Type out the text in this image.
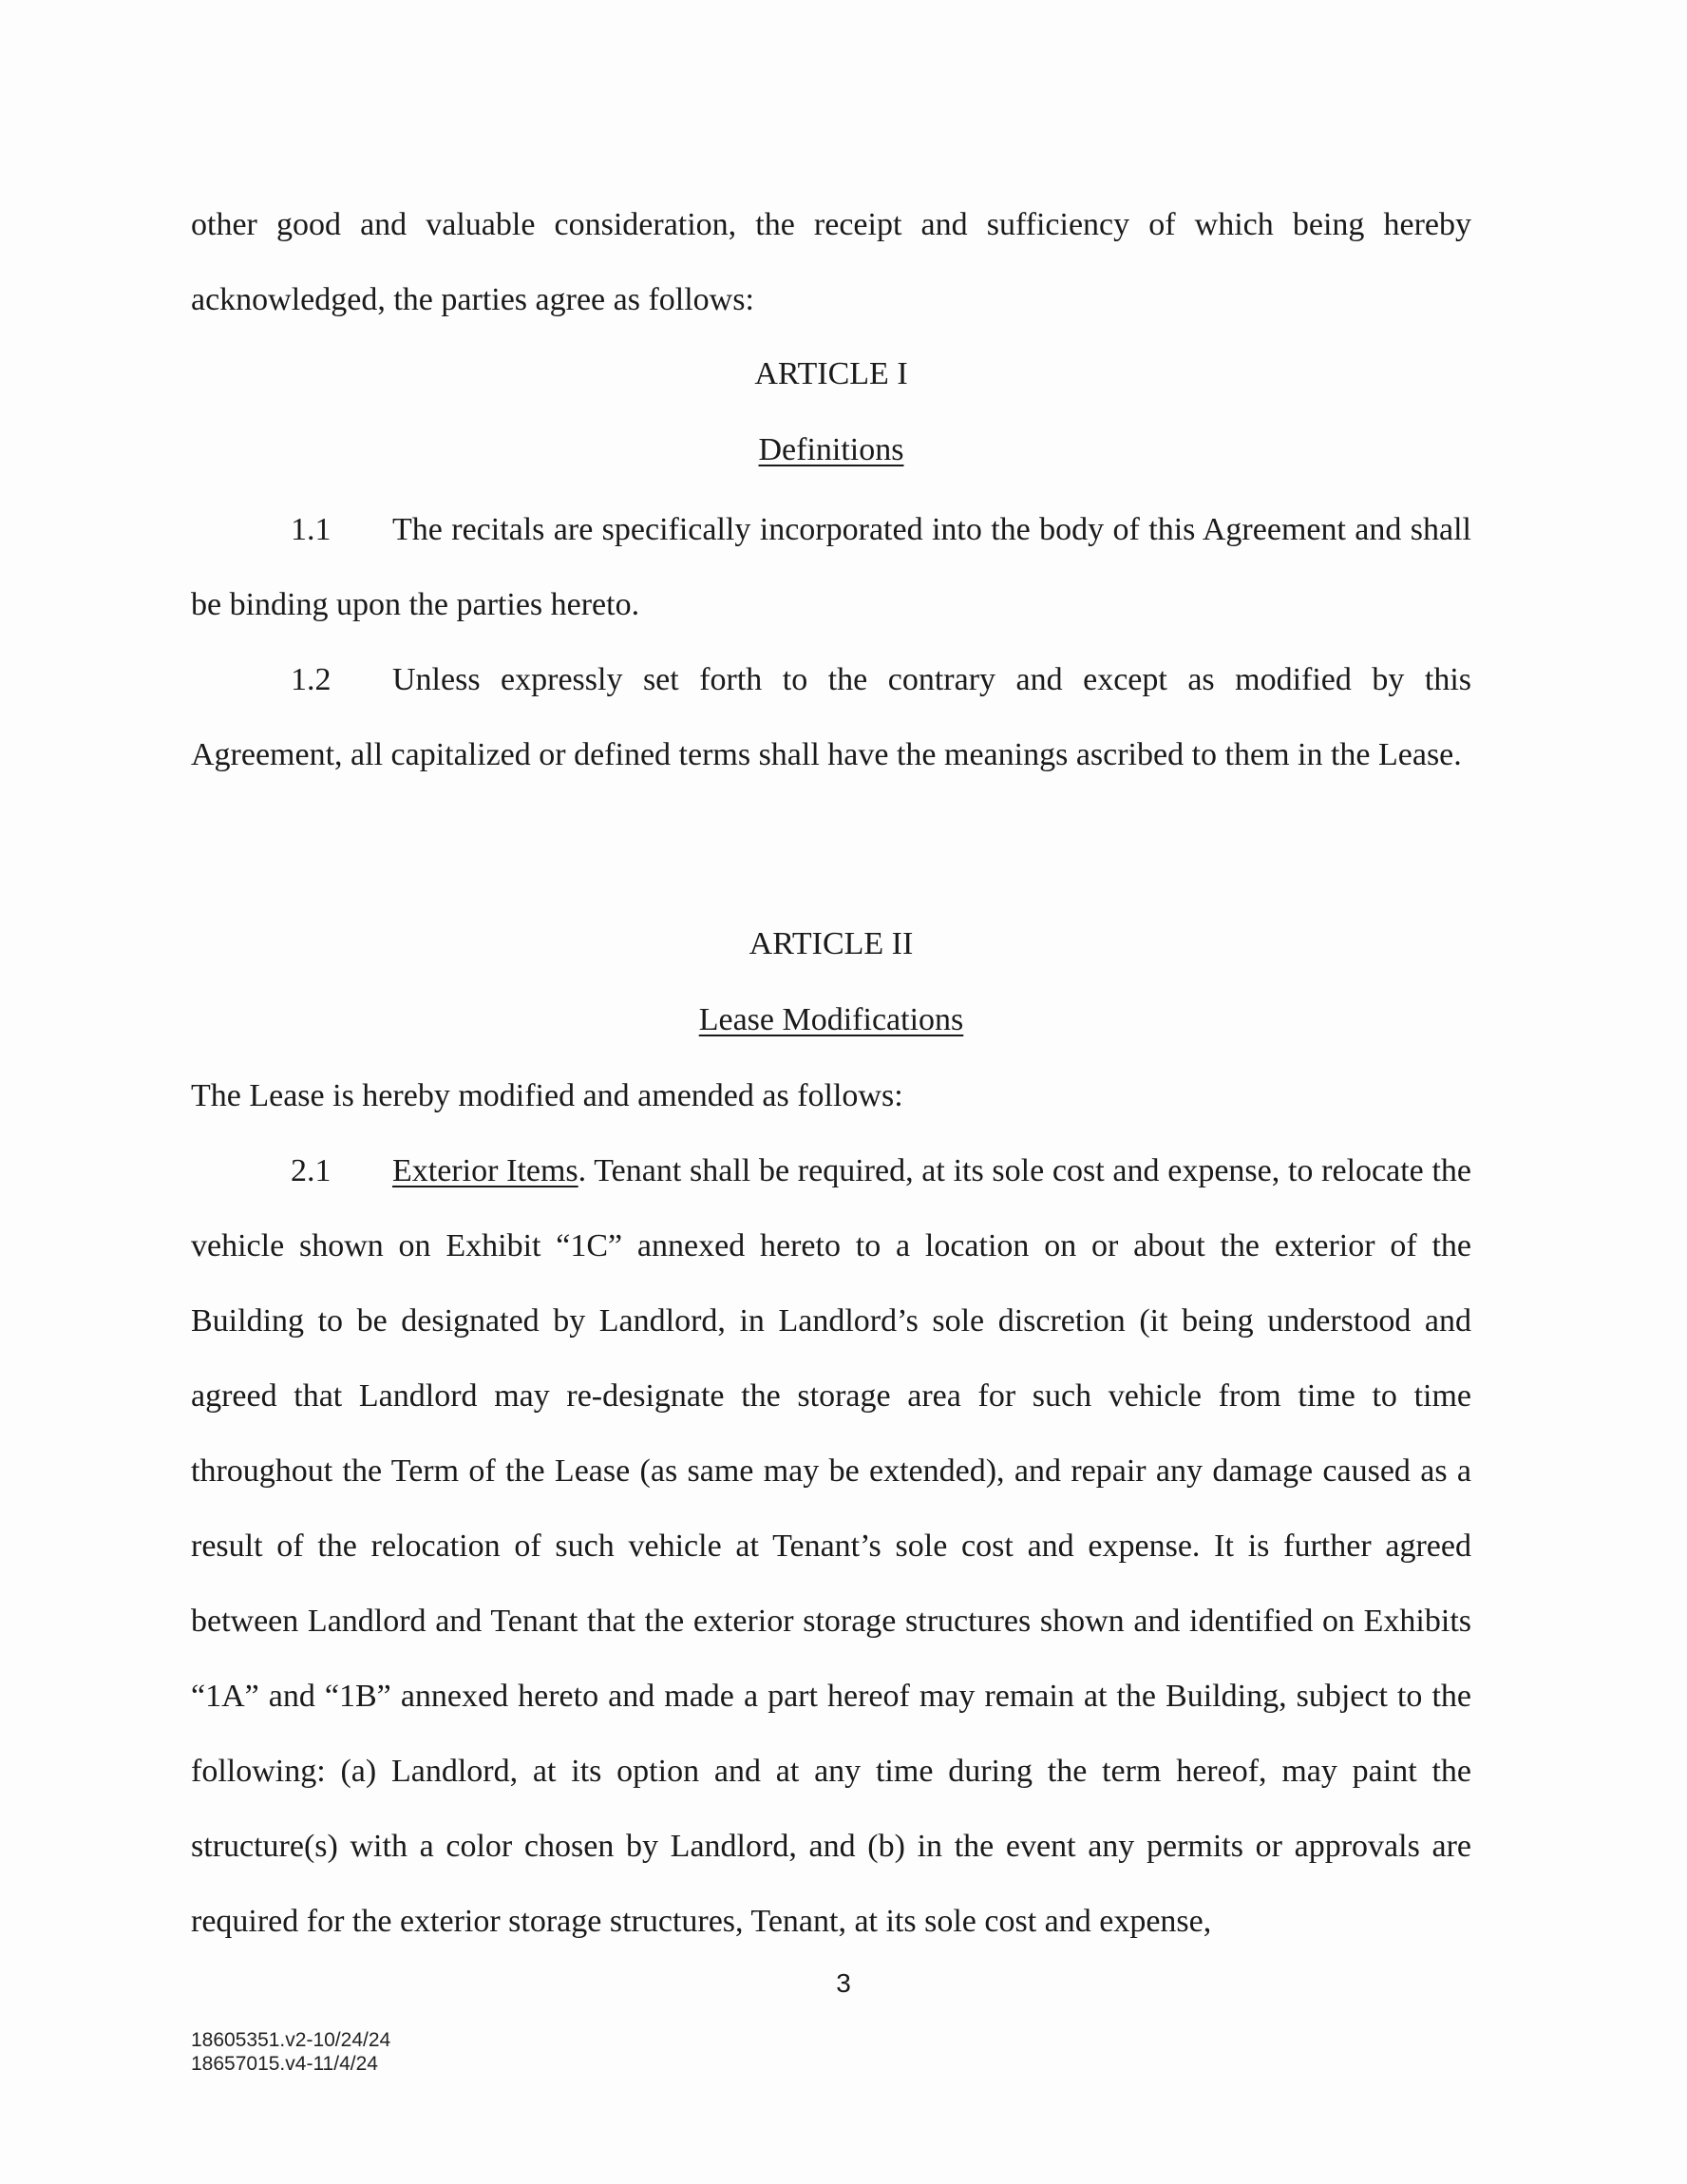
other good and valuable consideration, the receipt and sufficiency of which being hereby acknowledged, the parties agree as follows:
ARTICLE I
Definitions
1.1 The recitals are specifically incorporated into the body of this Agreement and shall be binding upon the parties hereto.
1.2 Unless expressly set forth to the contrary and except as modified by this Agreement, all capitalized or defined terms shall have the meanings ascribed to them in the Lease.
ARTICLE II
Lease Modifications
The Lease is hereby modified and amended as follows:
2.1 Exterior Items. Tenant shall be required, at its sole cost and expense, to relocate the vehicle shown on Exhibit “1C” annexed hereto to a location on or about the exterior of the Building to be designated by Landlord, in Landlord’s sole discretion (it being understood and agreed that Landlord may re-designate the storage area for such vehicle from time to time throughout the Term of the Lease (as same may be extended), and repair any damage caused as a result of the relocation of such vehicle at Tenant’s sole cost and expense. It is further agreed between Landlord and Tenant that the exterior storage structures shown and identified on Exhibits “1A” and “1B” annexed hereto and made a part hereof may remain at the Building, subject to the following: (a) Landlord, at its option and at any time during the term hereof, may paint the structure(s) with a color chosen by Landlord, and (b) in the event any permits or approvals are required for the exterior storage structures, Tenant, at its sole cost and expense,
3
18605351.v2-10/24/24
18657015.v4-11/4/24
